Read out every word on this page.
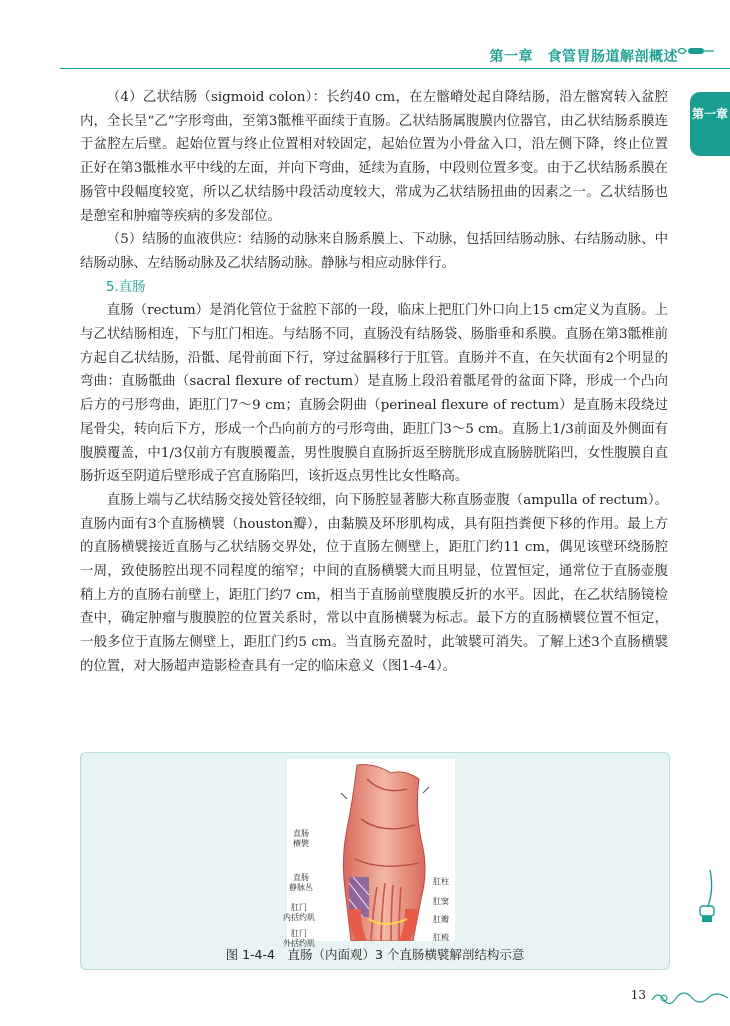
第一章　食管胃肠道解剖概述
第一章

（4）乙状结肠（sigmoid colon）：长约40 cm，在左髂嵴处起自降结肠，沿左髂窝转入盆腔内，全长呈“乙”字形弯曲，至第3骶椎平面续于直肠。乙状结肠属腹膜内位器官，由乙状结肠系膜连于盆腔左后壁。起始位置与终止位置相对较固定，起始位置为小骨盆入口，沿左侧下降，终止位置正好在第3骶椎水平中线的左面，并向下弯曲，延续为直肠，中段则位置多变。由于乙状结肠系膜在肠管中段幅度较宽，所以乙状结肠中段活动度较大，常成为乙状结肠扭曲的因素之一。乙状结肠也是憩室和肿瘤等疾病的多发部位。

（5）结肠的血液供应：结肠的动脉来自肠系膜上、下动脉，包括回结肠动脉、右结肠动脉、中结肠动脉、左结肠动脉及乙状结肠动脉。静脉与相应动脉伴行。

5.直肠

直肠（rectum）是消化管位于盆腔下部的一段，临床上把肛门外口向上15 cm定义为直肠。上与乙状结肠相连，下与肛门相连。与结肠不同，直肠没有结肠袋、肠脂垂和系膜。直肠在第3骶椎前方起自乙状结肠，沿骶、尾骨前面下行，穿过盆膈移行于肛管。直肠并不直，在矢状面有2个明显的弯曲：直肠骶曲（sacral flexure of rectum）是直肠上段沿着骶尾骨的盆面下降，形成一个凸向后方的弓形弯曲，距肛门7～9 cm；直肠会阴曲（perineal flexure of rectum）是直肠末段绕过尾骨尖，转向后下方，形成一个凸向前方的弓形弯曲，距肛门3～5 cm。直肠上1/3前面及外侧面有腹膜覆盖，中1/3仅前方有腹膜覆盖，男性腹膜自直肠折返至膀胱形成直肠膀胱陷凹，女性腹膜自直肠折返至阴道后壁形成子宫直肠陷凹，该折返点男性比女性略高。

直肠上端与乙状结肠交接处管径较细，向下肠腔显著膨大称直肠壶腹（ampulla of rectum）。直肠内面有3个直肠横襞（houston瓣），由黏膜及环形肌构成，具有阻挡粪便下移的作用。最上方的直肠横襞接近直肠与乙状结肠交界处，位于直肠左侧壁上，距肛门约11 cm，偶见该壁环绕肠腔一周，致使肠腔出现不同程度的缩窄；中间的直肠横襞大而且明显，位置恒定，通常位于直肠壶腹稍上方的直肠右前壁上，距肛门约7 cm，相当于直肠前壁腹膜反折的水平。因此，在乙状结肠镜检查中，确定肿瘤与腹膜腔的位置关系时，常以中直肠横襞为标志。最下方的直肠横襞位置不恒定，一般多位于直肠左侧壁上，距肛门约5 cm。当直肠充盈时，此皱襞可消失。了解上述3个直肠横襞的位置，对大肠超声造影检查具有一定的临床意义（图1-4-4）。

直肠
横襞
直肠
静脉丛
肛门
内括约肌
肛门
外括约肌
肛柱
肛窦
肛瓣
肛梳
图 1-4-4　直肠（内面观）3 个直肠横襞解剖结构示意
13
